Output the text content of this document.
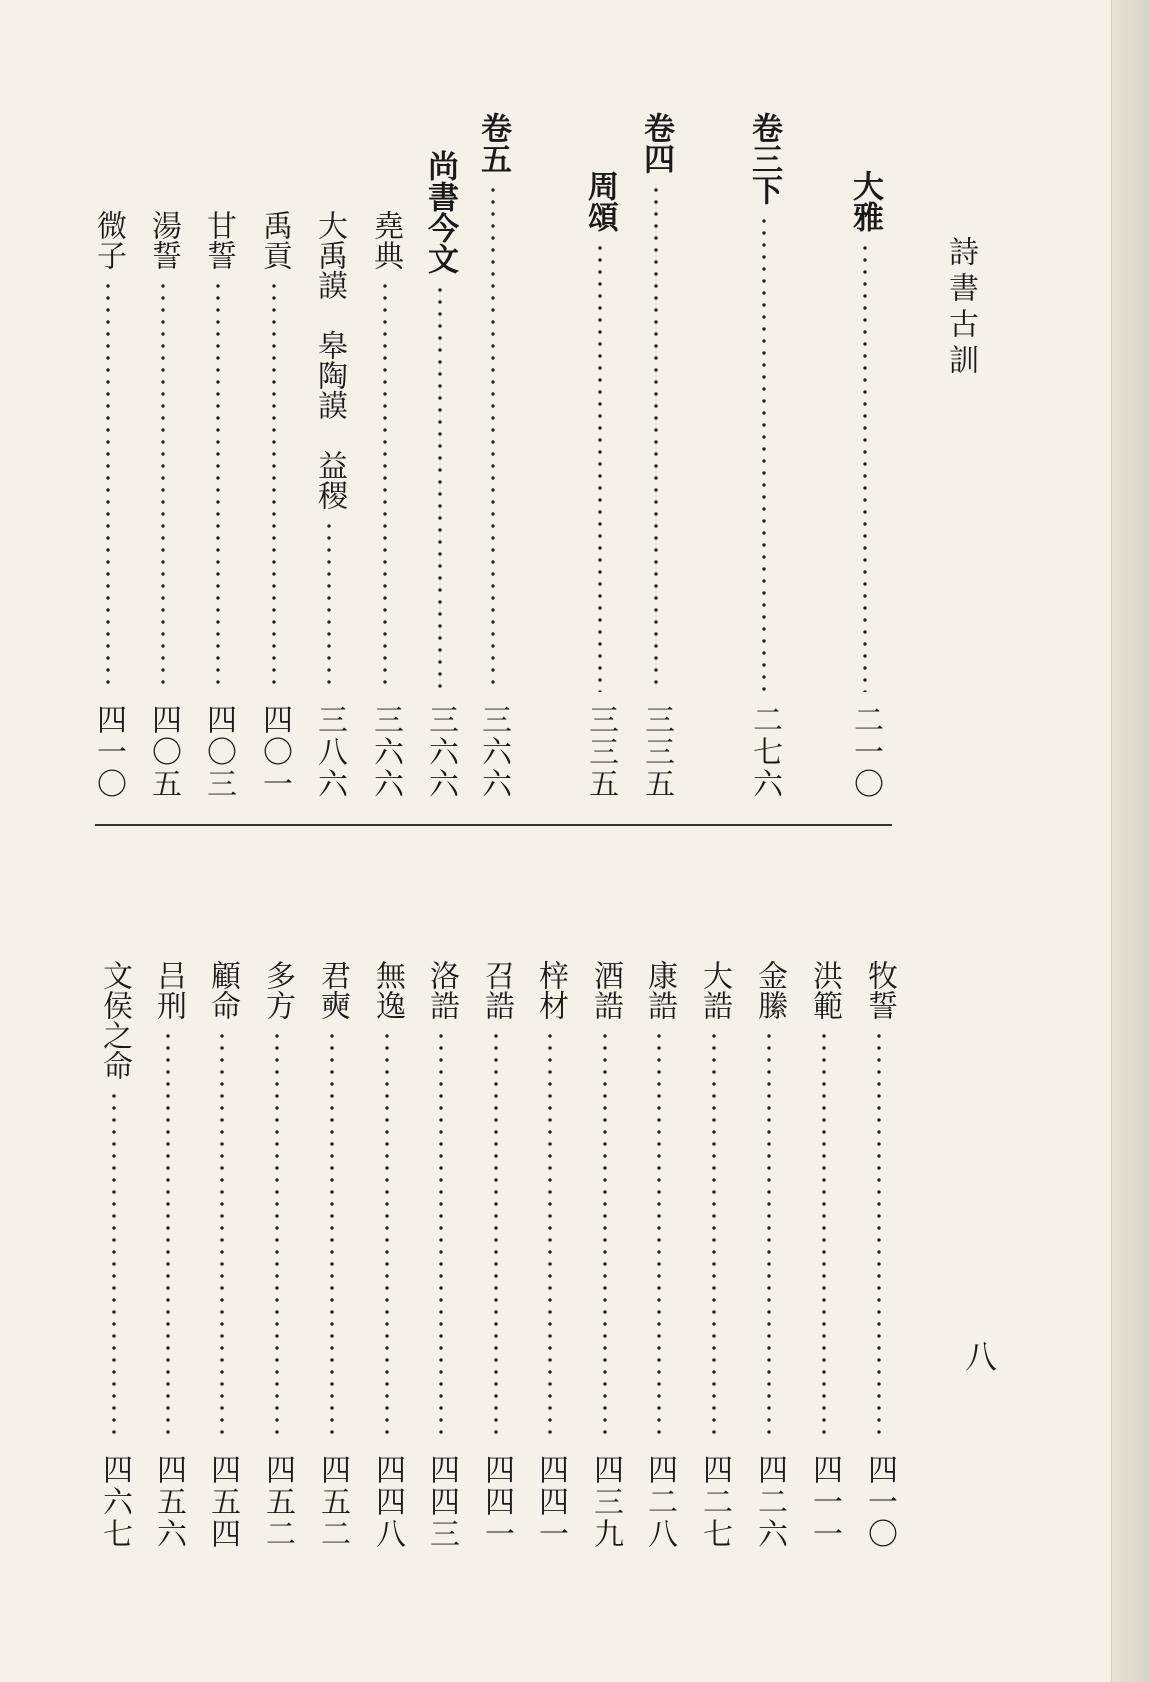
詩書古訓
八
大雅
二一〇
卷三下
二七六
卷四
三三五
周頌
三三五
卷五
三六六
尚書今文
三六六
堯典
三六六
大禹謨　皋陶謨　益稷
三八六
禹貢
四〇一
甘誓
四〇三
湯誓
四〇五
微子
四一〇
牧誓
四一〇
洪範
四一一
金縢
四二六
大誥
四二七
康誥
四二八
酒誥
四三九
梓材
四四一
召誥
四四一
洛誥
四四三
無逸
四四八
君奭
四五二
多方
四五二
顧命
四五四
吕刑
四五六
文侯之命
四六七
